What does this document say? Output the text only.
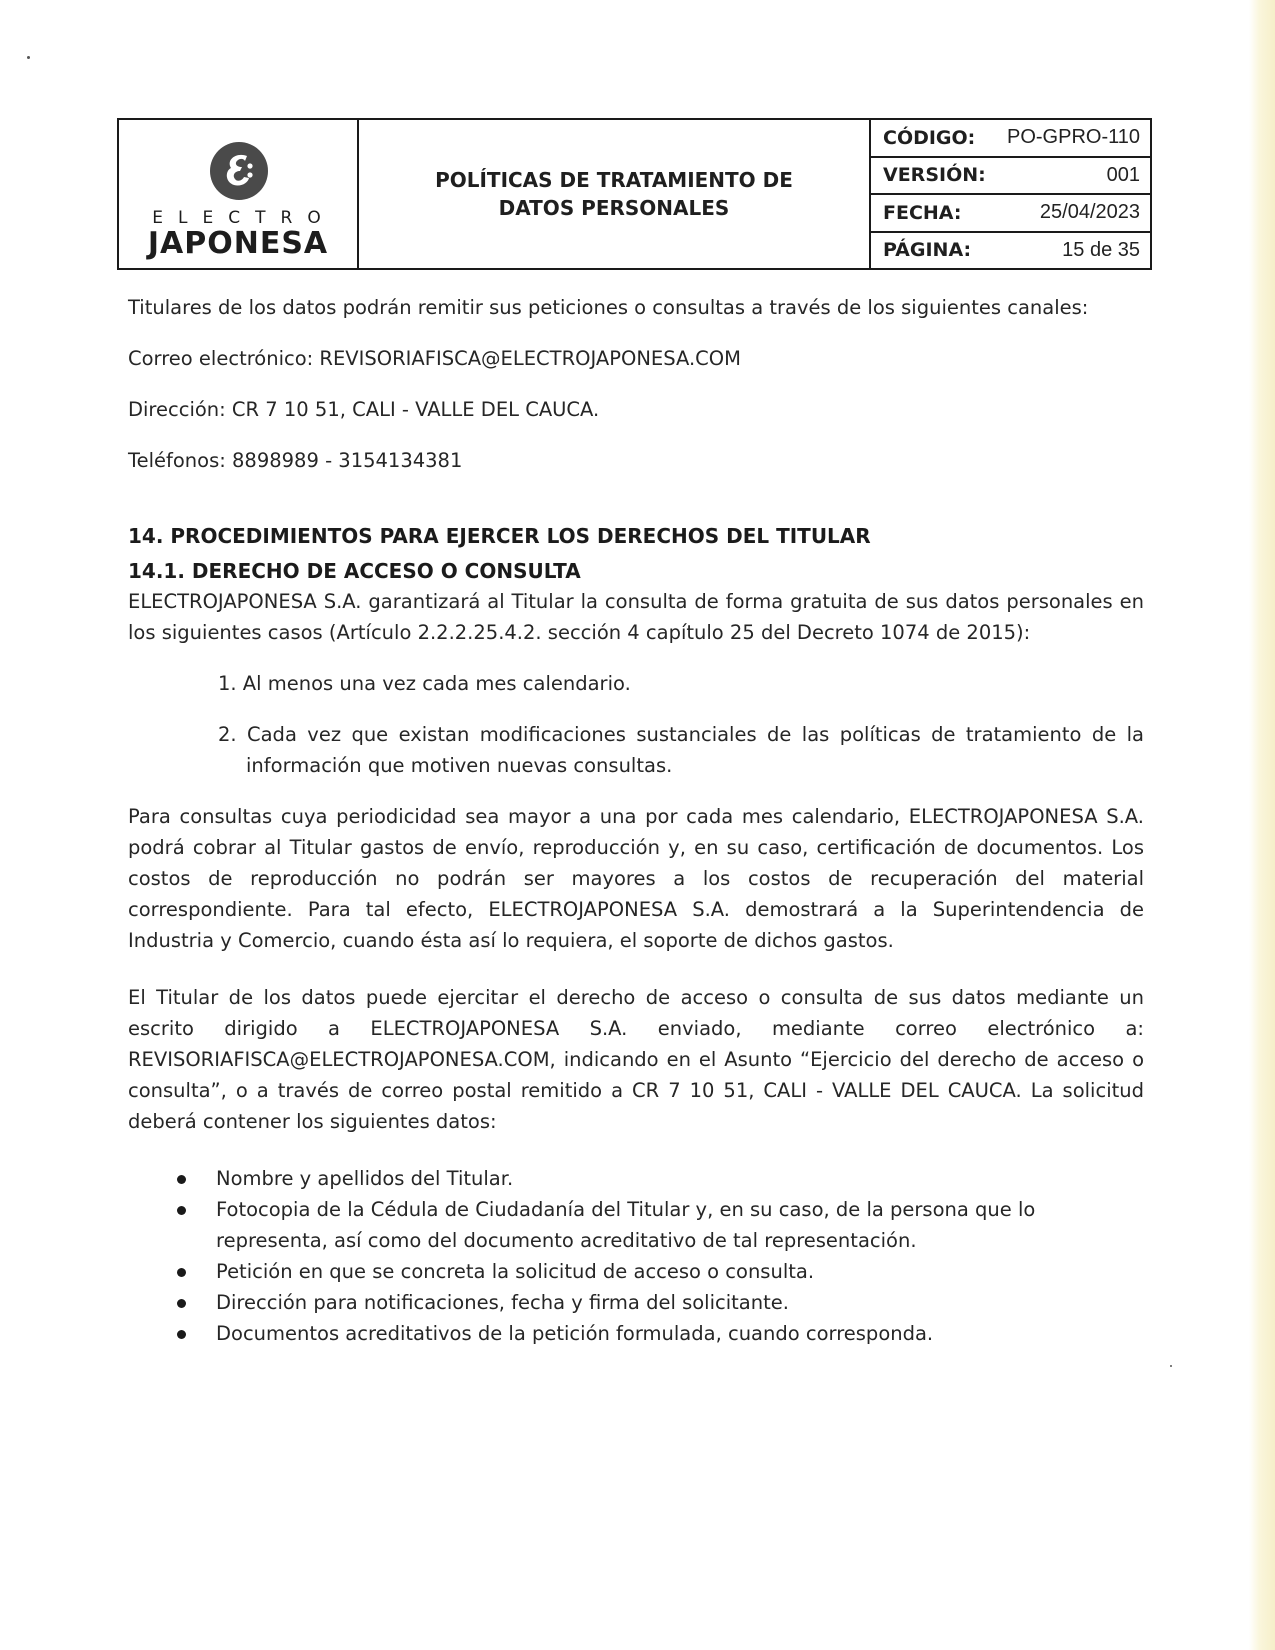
ELECTRO
JAPONESA
POLÍTICAS DE TRATAMIENTO DE DATOS PERSONALES
CÓDIGO:	PO-GPRO-110
VERSIÓN:	001
FECHA:	25/04/2023
PÁGINA:	15 de 35

Titulares de los datos podrán remitir sus peticiones o consultas a través de los siguientes canales:

Correo electrónico: REVISORIAFISCA@ELECTROJAPONESA.COM

Dirección: CR 7 10 51, CALI - VALLE DEL CAUCA.

Teléfonos: 8898989 - 3154134381

14. PROCEDIMIENTOS PARA EJERCER LOS DERECHOS DEL TITULAR

14.1. DERECHO DE ACCESO O CONSULTA

ELECTROJAPONESA S.A. garantizará al Titular la consulta de forma gratuita de sus datos personales en los siguientes casos (Artículo 2.2.2.25.4.2. sección 4 capítulo 25 del Decreto 1074 de 2015):

1. Al menos una vez cada mes calendario.
2. Cada vez que existan modificaciones sustanciales de las políticas de tratamiento de la información que motiven nuevas consultas.

Para consultas cuya periodicidad sea mayor a una por cada mes calendario, ELECTROJAPONESA S.A. podrá cobrar al Titular gastos de envío, reproducción y, en su caso, certificación de documentos. Los costos de reproducción no podrán ser mayores a los costos de recuperación del material correspondiente. Para tal efecto, ELECTROJAPONESA S.A. demostrará a la Superintendencia de Industria y Comercio, cuando ésta así lo requiera, el soporte de dichos gastos.

El Titular de los datos puede ejercitar el derecho de acceso o consulta de sus datos mediante un escrito dirigido a ELECTROJAPONESA S.A. enviado, mediante correo electrónico a: REVISORIAFISCA@ELECTROJAPONESA.COM, indicando en el Asunto “Ejercicio del derecho de acceso o consulta”, o a través de correo postal remitido a CR 7 10 51, CALI - VALLE DEL CAUCA. La solicitud deberá contener los siguientes datos:

Nombre y apellidos del Titular.
Fotocopia de la Cédula de Ciudadanía del Titular y, en su caso, de la persona que lo representa, así como del documento acreditativo de tal representación.
Petición en que se concreta la solicitud de acceso o consulta.
Dirección para notificaciones, fecha y firma del solicitante.
Documentos acreditativos de la petición formulada, cuando corresponda.
